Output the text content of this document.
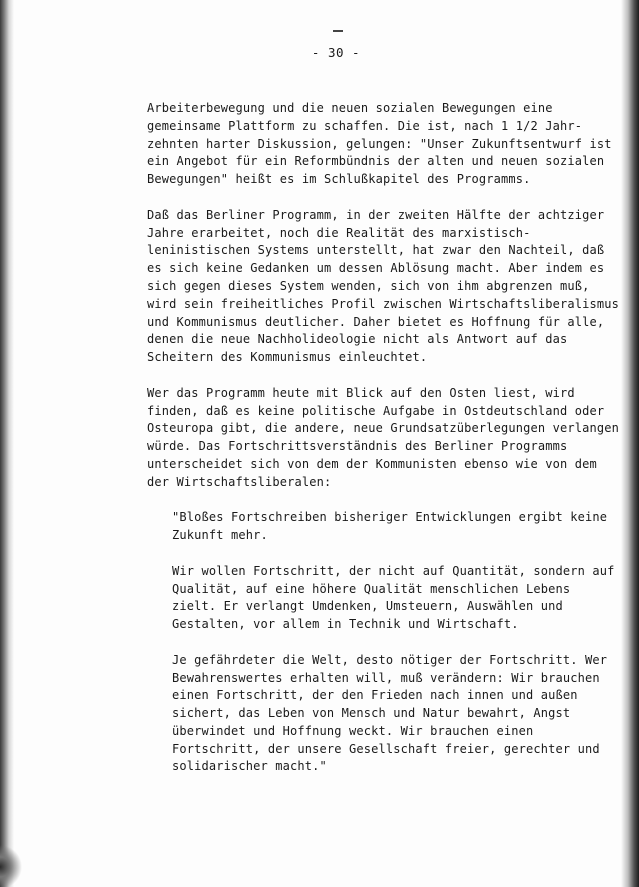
- 30 -
Arbeiterbewegung und die neuen sozialen Bewegungen eine
gemeinsame Plattform zu schaffen. Die ist, nach 1 1/2 Jahr-
zehnten harter Diskussion, gelungen: "Unser Zukunftsentwurf ist
ein Angebot für ein Reformbündnis der alten und neuen sozialen
Bewegungen" heißt es im Schlußkapitel des Programms.
Daß das Berliner Programm, in der zweiten Hälfte der achtziger
Jahre erarbeitet, noch die Realität des marxistisch-
leninistischen Systems unterstellt, hat zwar den Nachteil, daß
es sich keine Gedanken um dessen Ablösung macht. Aber indem es
sich gegen dieses System wenden, sich von ihm abgrenzen muß,
wird sein freiheitliches Profil zwischen Wirtschaftsliberalismus
und Kommunismus deutlicher. Daher bietet es Hoffnung für alle,
denen die neue Nachholideologie nicht als Antwort auf das
Scheitern des Kommunismus einleuchtet.
Wer das Programm heute mit Blick auf den Osten liest, wird
finden, daß es keine politische Aufgabe in Ostdeutschland oder
Osteuropa gibt, die andere, neue Grundsatzüberlegungen verlangen
würde. Das Fortschrittsverständnis des Berliner Programms
unterscheidet sich von dem der Kommunisten ebenso wie von dem
der Wirtschaftsliberalen:
"Bloßes Fortschreiben bisheriger Entwicklungen ergibt keine
Zukunft mehr.
Wir wollen Fortschritt, der nicht auf Quantität, sondern auf
Qualität, auf eine höhere Qualität menschlichen Lebens
zielt. Er verlangt Umdenken, Umsteuern, Auswählen und
Gestalten, vor allem in Technik und Wirtschaft.
Je gefährdeter die Welt, desto nötiger der Fortschritt. Wer
Bewahrenswertes erhalten will, muß verändern: Wir brauchen
einen Fortschritt, der den Frieden nach innen und außen
sichert, das Leben von Mensch und Natur bewahrt, Angst
überwindet und Hoffnung weckt. Wir brauchen einen
Fortschritt, der unsere Gesellschaft freier, gerechter und
solidarischer macht."
